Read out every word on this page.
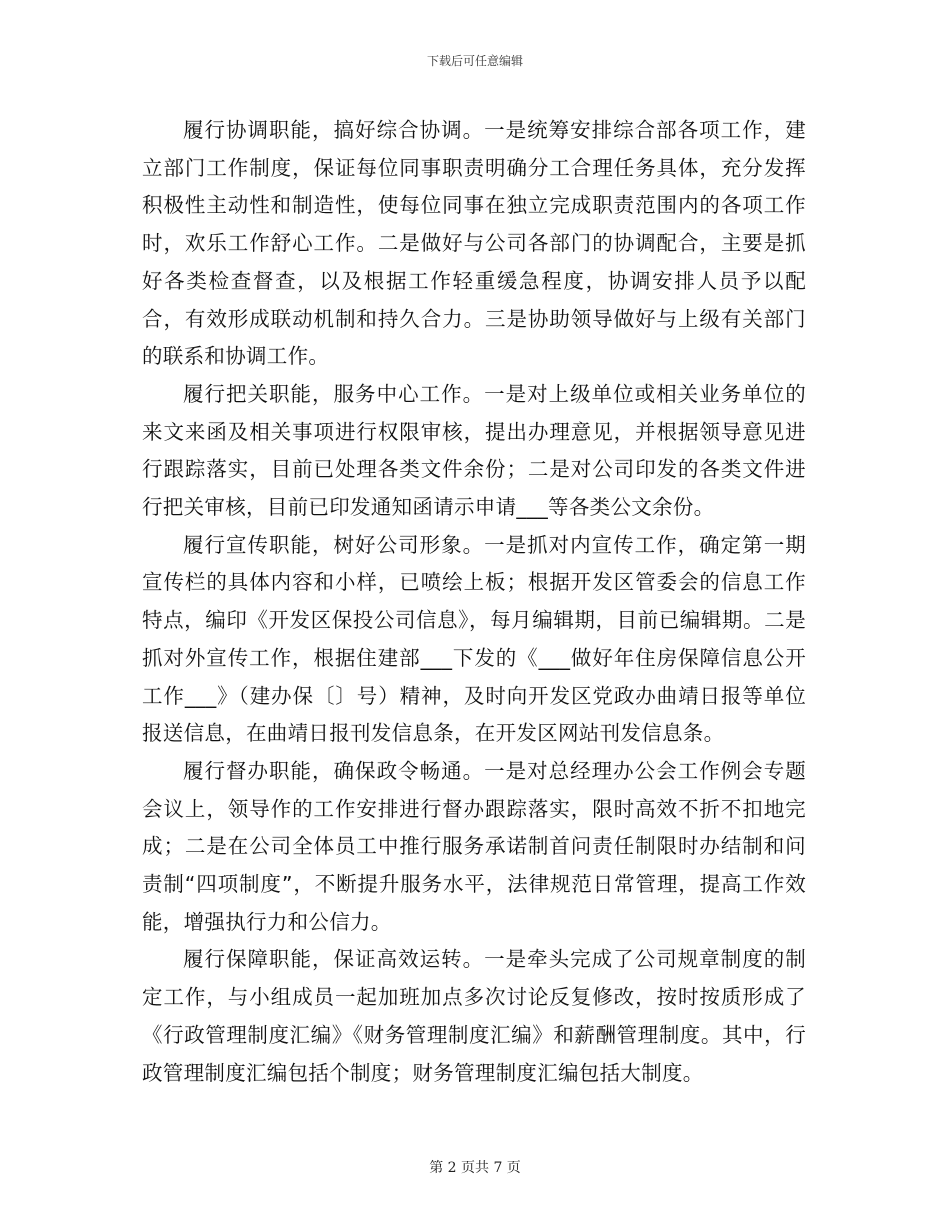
下载后可任意编辑

履行协调职能，搞好综合协调。一是统筹安排综合部各项工作，建立部门工作制度，保证每位同事职责明确分工合理任务具体，充分发挥积极性主动性和制造性，使每位同事在独立完成职责范围内的各项工作时，欢乐工作舒心工作。二是做好与公司各部门的协调配合，主要是抓好各类检查督查，以及根据工作轻重缓急程度，协调安排人员予以配合，有效形成联动机制和持久合力。三是协助领导做好与上级有关部门的联系和协调工作。

履行把关职能，服务中心工作。一是对上级单位或相关业务单位的来文来函及相关事项进行权限审核，提出办理意见，并根据领导意见进行跟踪落实，目前已处理各类文件余份；二是对公司印发的各类文件进行把关审核，目前已印发通知函请示申请___等各类公文余份。

履行宣传职能，树好公司形象。一是抓对内宣传工作，确定第一期宣传栏的具体内容和小样，已喷绘上板；根据开发区管委会的信息工作特点，编印《开发区保投公司信息》，每月编辑期，目前已编辑期。二是抓对外宣传工作，根据住建部___下发的《___做好年住房保障信息公开工作___》（建办保〔〕号）精神，及时向开发区党政办曲靖日报等单位报送信息，在曲靖日报刊发信息条，在开发区网站刊发信息条。

履行督办职能，确保政令畅通。一是对总经理办公会工作例会专题会议上，领导作的工作安排进行督办跟踪落实，限时高效不折不扣地完成；二是在公司全体员工中推行服务承诺制首问责任制限时办结制和问责制“四项制度”，不断提升服务水平，法律规范日常管理，提高工作效能，增强执行力和公信力。

履行保障职能，保证高效运转。一是牵头完成了公司规章制度的制定工作，与小组成员一起加班加点多次讨论反复修改，按时按质形成了《行政管理制度汇编》《财务管理制度汇编》和薪酬管理制度。其中，行政管理制度汇编包括个制度；财务管理制度汇编包括大制度。

第 2 页共 7 页
